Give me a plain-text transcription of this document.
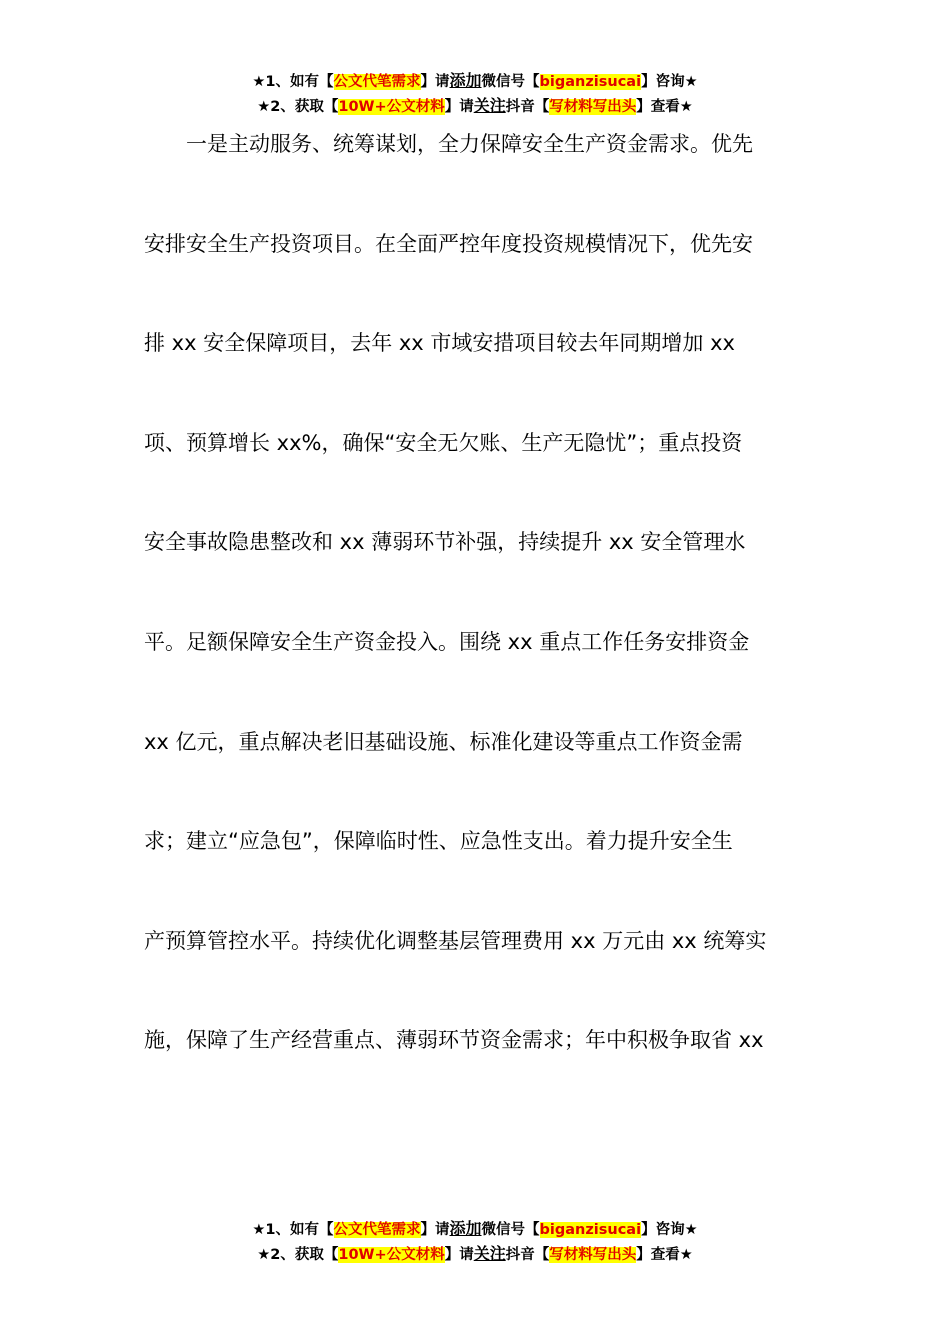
★1、如有【公文代笔需求】请添加微信号【biganzisucai】咨询★
★2、获取【10W+公文材料】请关注抖音【写材料写出头】查看★
　　一是主动服务、统筹谋划，全力保障安全生产资金需求。优先
安排安全生产投资项目。在全面严控年度投资规模情况下，优先安
排 xx 安全保障项目，去年 xx 市域安措项目较去年同期增加 xx
项、预算增长 xx%，确保“安全无欠账、生产无隐忧”；重点投资
安全事故隐患整改和 xx 薄弱环节补强，持续提升 xx 安全管理水
平。足额保障安全生产资金投入。围绕 xx 重点工作任务安排资金
xx 亿元，重点解决老旧基础设施、标准化建设等重点工作资金需
求；建立“应急包”，保障临时性、应急性支出。着力提升安全生
产预算管控水平。持续优化调整基层管理费用 xx 万元由 xx 统筹实
施，保障了生产经营重点、薄弱环节资金需求；年中积极争取省 xx
★1、如有【公文代笔需求】请添加微信号【biganzisucai】咨询★
★2、获取【10W+公文材料】请关注抖音【写材料写出头】查看★
